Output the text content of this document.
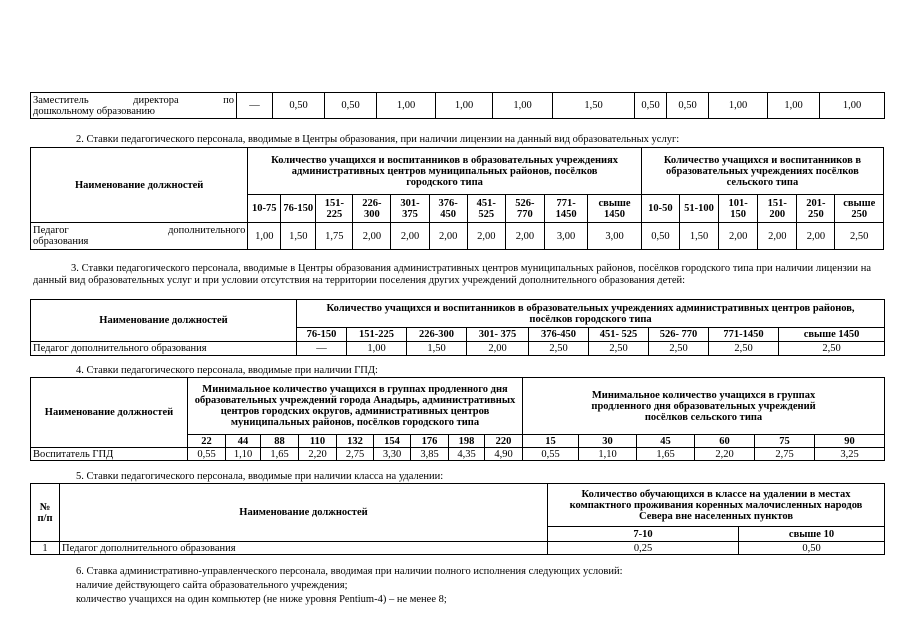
Заместитель директора по
дошкольному образованию	—	0,50	0,50	1,00	1,00	1,00	1,50	0,50	0,50	1,00	1,00	1,00

2. Ставки педагогического персонала, вводимые в Центры образования, при наличии лицензии на данный вид образовательных услуг:

Наименование должностей	Количество учащихся и воспитанников в образовательных учреждениях административных центров муниципальных районов, посёлков городского типа										Количество учащихся и воспитанников в образовательных учреждениях посёлков сельского типа					
	10-75	76-150	151-225	226-300	301-375	376-450	451-525	526-770	771-1450	свыше 1450	10-50	51-100	101-150	151-200	201-250	свыше 250

Педагог дополнительного
образования	1,00	1,50	1,75	2,00	2,00	2,00	2,00	2,00	3,00	3,00	0,50	1,50	2,00	2,00	2,00	2,50

3. Ставки педагогического персонала, вводимые в Центры образования административных центров муниципальных районов, посёлков городского типа при наличии лицензии на данный вид образовательных услуг и при условии отсутствия на территории поселения других учреждений дополнительного образования детей:

Наименование должностей	Количество учащихся и воспитанников в образовательных учреждениях административных центров районов, посёлков городского типа								
	76-150	151-225	226-300	301- 375	376-450	451- 525	526- 770	771-1450	свыше 1450
Педагог дополнительного образования	—	1,00	1,50	2,00	2,50	2,50	2,50	2,50	2,50

4. Ставки педагогического персонала, вводимые при наличии ГПД:

Наименование должностей	Минимальное количество учащихся в группах продленного дня образовательных учреждений города Анадырь, административных центров городских округов, административных центров муниципальных районов, посёлков городского типа									Минимальное количество учащихся в группах продленного дня образовательных учреждений посёлков сельского типа					
	22	44	88	110	132	154	176	198	220	15	30	45	60	75	90
Воспитатель ГПД	0,55	1,10	1,65	2,20	2,75	3,30	3,85	4,35	4,90	0,55	1,10	1,65	2,20	2,75	3,25

5. Ставки педагогического персонала, вводимые при наличии класса на удалении:

№ п/п	Наименование должностей	Количество обучающихся в классе на удалении в местах компактного проживания коренных малочисленных народов Севера вне населенных пунктов	
		7-10	свыше 10
1	Педагог дополнительного образования	0,25	0,50

6. Ставка административно-управленческого персонала, вводимая при наличии полного исполнения следующих условий:

наличие действующего сайта образовательного учреждения;

количество учащихся на один компьютер (не ниже уровня Pentium-4) – не менее 8;
